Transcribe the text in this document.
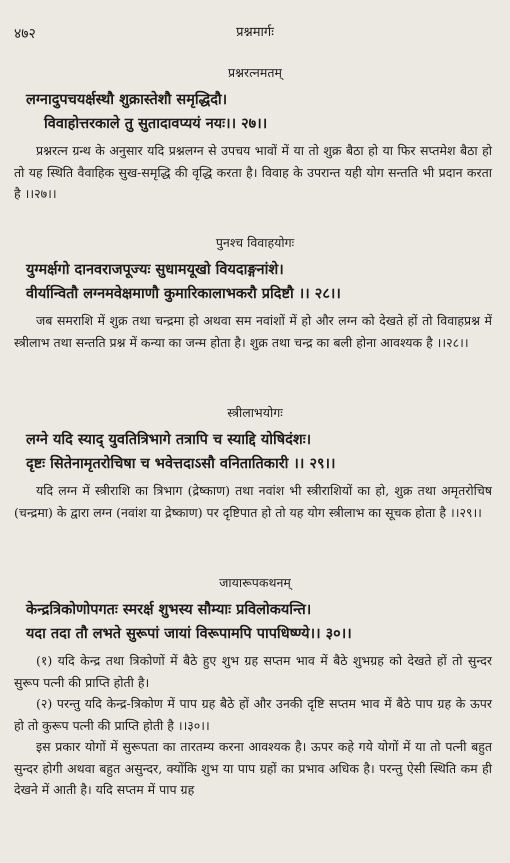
४७२	प्रश्नमार्गः
प्रश्नरत्नमतम्
लग्नादुपचयर्क्षस्थौ शुक्रास्तेशौ समृद्धिदौ।
विवाहोत्तरकाले तु सुतादावप्ययं नयः।। २७।।
प्रश्नरत्न ग्रन्थ के अनुसार यदि प्रश्नलग्न से उपचय भावों में या तो शुक्र बैठा हो या फिर सप्तमेश बैठा हो तो यह स्थिति वैवाहिक सुख-समृद्धि की वृद्धि करता है। विवाह के उपरान्त यही योग सन्तति भी प्रदान करता है ।।२७।।
पुनश्च विवाहयोगः
युग्मर्क्षगो दानवराजपूज्यः सुधामयूखो वियदाङ्गनांशे।
वीर्यान्वितौ लग्नमवेक्षमाणौ कुमारिकालाभकरौ प्रदिष्टौ ।। २८।।
जब समराशि में शुक्र तथा चन्द्रमा हो अथवा सम नवांशों में हो और लग्न को देखते हों तो विवाहप्रश्न में स्त्रीलाभ तथा सन्तति प्रश्न में कन्या का जन्म होता है। शुक्र तथा चन्द्र का बली होना आवश्यक है ।।२८।।
स्त्रीलाभयोगः
लग्ने यदि स्याद् युवतित्रिभागे तत्रापि च स्याद्दि योषिदंशः।
दृष्टः सितेनामृतरोचिषा च भवेत्तदाऽसौ वनितातिकारी ।। २९।।
यदि लग्न में स्त्रीराशि का त्रिभाग (द्रेष्काण) तथा नवांश भी स्त्रीराशियों का हो, शुक्र तथा अमृतरोचिष (चन्द्रमा) के द्वारा लग्न (नवांश या द्रेष्काण) पर दृष्टिपात हो तो यह योग स्त्रीलाभ का सूचक होता है ।।२९।।
जायारूपकथनम्
केन्द्रत्रिकोणोपगतः स्मरर्क्ष शुभस्य सौम्याः प्रविलोकयन्ति।
यदा तदा तौ लभते सुरूपां जायां विरूपामपि पापधिष्ण्ये।। ३०।।
(१) यदि केन्द्र तथा त्रिकोणों में बैठे हुए शुभ ग्रह सप्तम भाव में बैठे शुभग्रह को देखते हों तो सुन्दर सुरूप पत्नी की प्राप्ति होती है।
(२) परन्तु यदि केन्द्र-त्रिकोण में पाप ग्रह बैठे हों और उनकी दृष्टि सप्तम भाव में बैठे पाप ग्रह के ऊपर हो तो कुरूप पत्नी की प्राप्ति होती है ।।३०।।
इस प्रकार योगों में सुरूपता का तारतम्य करना आवश्यक है। ऊपर कहे गये योगों में या तो पत्नी बहुत सुन्दर होगी अथवा बहुत असुन्दर, क्योंकि शुभ या पाप ग्रहों का प्रभाव अधिक है। परन्तु ऐसी स्थिति कम ही देखने में आती है। यदि सप्तम में पाप ग्रह
